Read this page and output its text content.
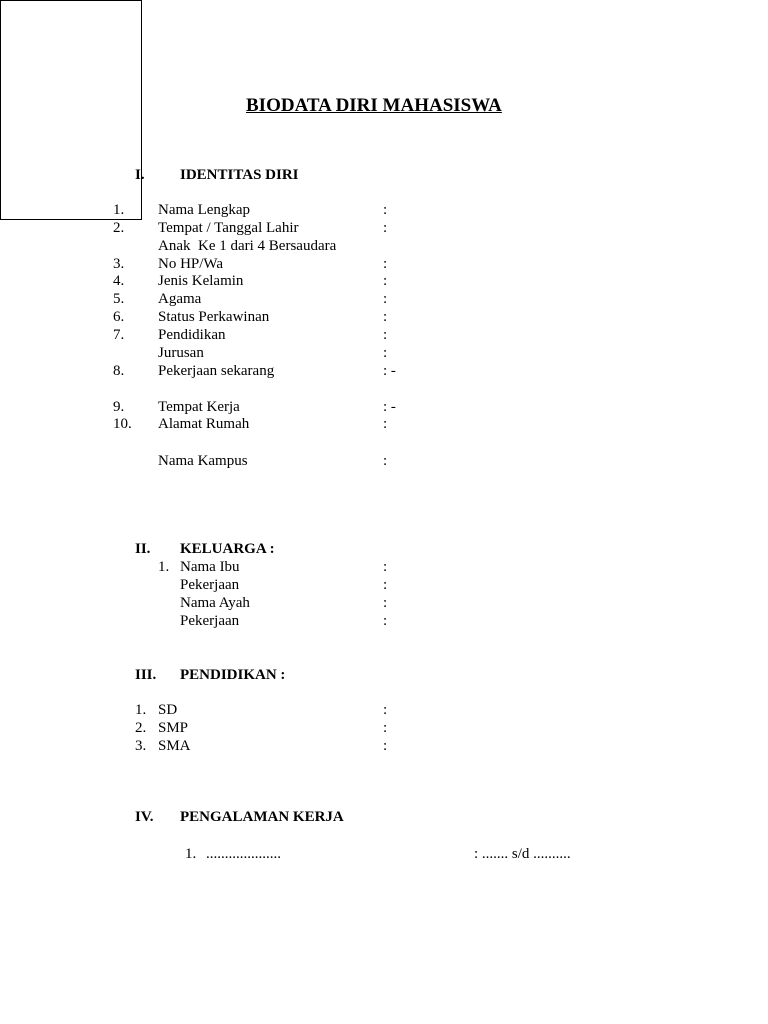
BIODATA DIRI MAHASISWA
I. IDENTITAS DIRI
1. Nama Lengkap	:
2. Tempat / Tanggal Lahir	:
Anak  Ke 1 dari 4 Bersaudara
3. No HP/Wa	:
4. Jenis Kelamin	:
5. Agama	:
6. Status Perkawinan	:
7. Pendidikan	:
Jurusan	:
8. Pekerjaan sekarang	: -
9. Tempat Kerja	: -
10. Alamat Rumah	:
Nama Kampus	:
II. KELUARGA :
1. Nama Ibu	:
Pekerjaan	:
Nama Ayah	:
Pekerjaan	:
III. PENDIDIKAN :
1. SD	:
2. SMP	:
3. SMA	:
IV. PENGALAMAN KERJA
1. ....................	: ....... s/d ..........
